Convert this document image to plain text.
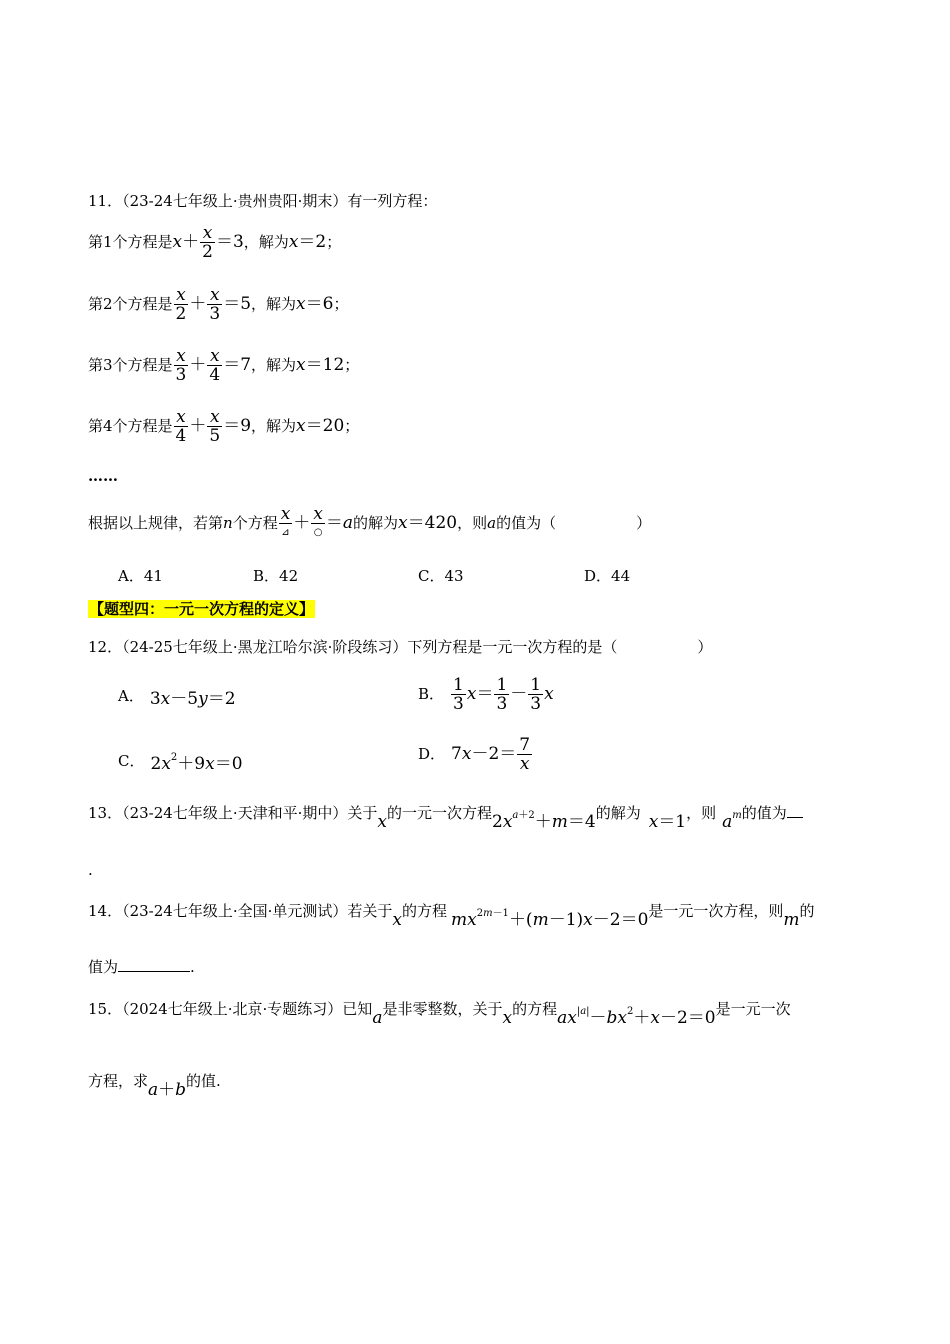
11．（23-24七年级上·贵州贵阳·期末）有一列方程：
第1个方程是$x+ \frac{x}{2} =3$，解为x＝2；
第2个方程是 $\frac{x}{2} + \frac{x}{3} =5$，解为x＝6；
第3个方程是 $\frac{x}{3} + \frac{x}{4} =7$，解为x＝12；
第4个方程是 $\frac{x}{4} + \frac{x}{5} =9$，解为x＝20；
……
根据以上规律，若第n个方程 $\frac{x}{⊿} + \frac{x}{○} =a$的解为x＝420，则a的值为（	）
A．41	B．42	C．43	D．44
【题型四：一元一次方程的定义】
12．（24-25七年级上·黑龙江哈尔滨·阶段练习）下列方程是一元一次方程的是（	）
A． 3x－5y＝2	B． $\frac{1}{3} x= \frac{1}{3} - \frac{1}{3}$ x
C． $2x^2+9x=0$	D． $7x-2= \frac{7}{x}$
13．（23-24七年级上·天津和平·期中）关于x的一元一次方程$2x^{a+2}+m=4$的解为 x＝1，则 $a^m$的值为
.
14．（23-24七年级上·全国·单元测试）若关于x的方程 $mx^{2m-1}+(m-1)x-2=0$是一元一次方程，则m的
值为	.
15．（2024七年级上·北京·专题练习）已知a是非零整数，关于x的方程$ax^{|a|}-bx^2+x-2=0$是一元一次
方程，求a＋b的值.
